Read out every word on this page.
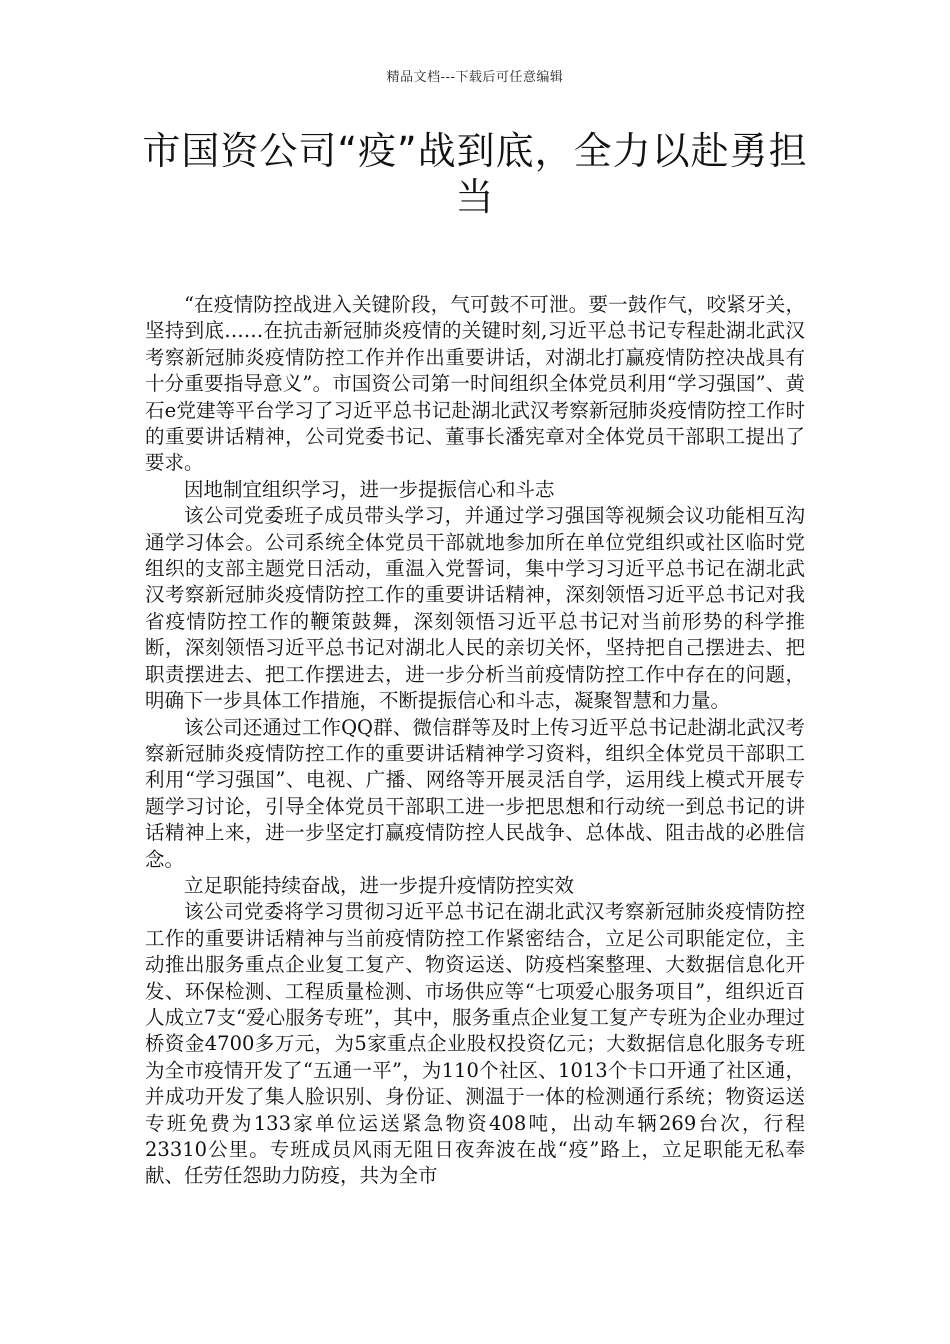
精品文档---下载后可任意编辑
市国资公司“疫”战到底，全力以赴勇担当

“在疫情防控战进入关键阶段，气可鼓不可泄。要一鼓作气，咬紧牙关，坚持到底……在抗击新冠肺炎疫情的关键时刻,习近平总书记专程赴湖北武汉考察新冠肺炎疫情防控工作并作出重要讲话，对湖北打赢疫情防控决战具有十分重要指导意义”。市国资公司第一时间组织全体党员利用“学习强国”、黄石e党建等平台学习了习近平总书记赴湖北武汉考察新冠肺炎疫情防控工作时的重要讲话精神，公司党委书记、董事长潘宪章对全体党员干部职工提出了要求。

因地制宜组织学习，进一步提振信心和斗志

该公司党委班子成员带头学习，并通过学习强国等视频会议功能相互沟通学习体会。公司系统全体党员干部就地参加所在单位党组织或社区临时党组织的支部主题党日活动，重温入党誓词，集中学习习近平总书记在湖北武汉考察新冠肺炎疫情防控工作的重要讲话精神，深刻领悟习近平总书记对我省疫情防控工作的鞭策鼓舞，深刻领悟习近平总书记对当前形势的科学推断，深刻领悟习近平总书记对湖北人民的亲切关怀，坚持把自己摆进去、把职责摆进去、把工作摆进去，进一步分析当前疫情防控工作中存在的问题，明确下一步具体工作措施，不断提振信心和斗志，凝聚智慧和力量。

该公司还通过工作QQ群、微信群等及时上传习近平总书记赴湖北武汉考察新冠肺炎疫情防控工作的重要讲话精神学习资料，组织全体党员干部职工利用“学习强国”、电视、广播、网络等开展灵活自学，运用线上模式开展专题学习讨论，引导全体党员干部职工进一步把思想和行动统一到总书记的讲话精神上来，进一步坚定打赢疫情防控人民战争、总体战、阻击战的必胜信念。

立足职能持续奋战，进一步提升疫情防控实效

该公司党委将学习贯彻习近平总书记在湖北武汉考察新冠肺炎疫情防控工作的重要讲话精神与当前疫情防控工作紧密结合，立足公司职能定位，主动推出服务重点企业复工复产、物资运送、防疫档案整理、大数据信息化开发、环保检测、工程质量检测、市场供应等“七项爱心服务项目”，组织近百人成立7支“爱心服务专班”，其中，服务重点企业复工复产专班为企业办理过桥资金4700多万元，为5家重点企业股权投资亿元；大数据信息化服务专班为全市疫情开发了“五通一平”，为110个社区、1013个卡口开通了社区通，并成功开发了集人脸识别、身份证、测温于一体的检测通行系统；物资运送专班免费为133家单位运送紧急物资408吨，出动车辆269台次，行程23310公里。专班成员风雨无阻日夜奔波在战“疫”路上，立足职能无私奉献、任劳任怨助力防疫，共为全市
